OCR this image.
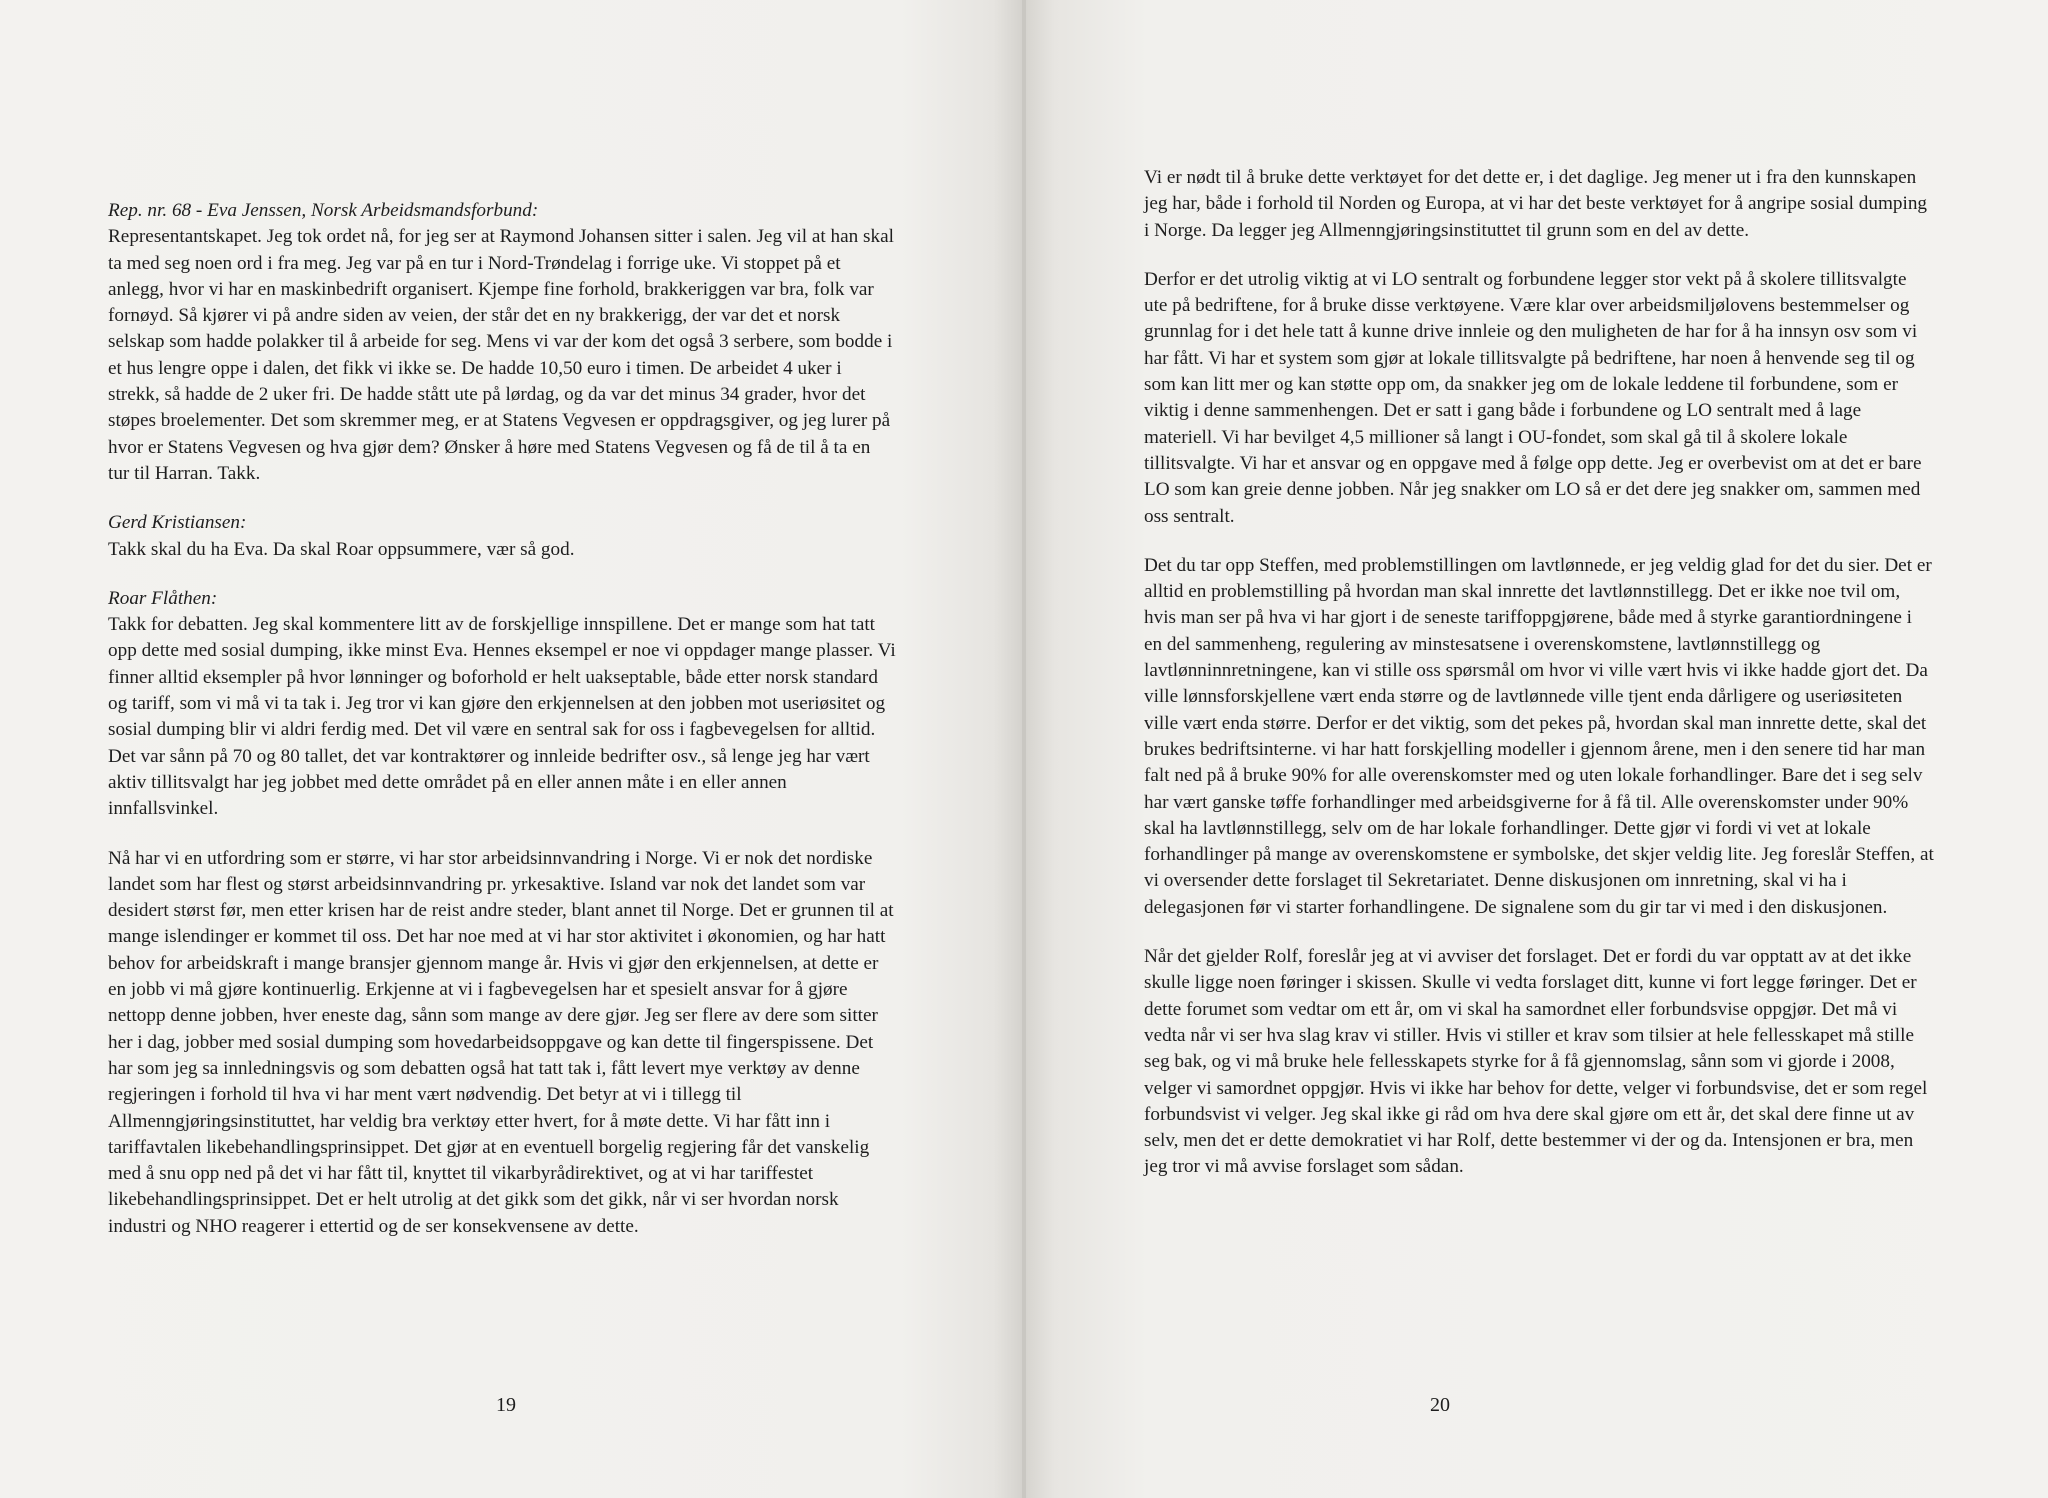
Rep. nr. 68 - Eva Jenssen, Norsk Arbeidsmandsforbund:
Representantskapet. Jeg tok ordet nå, for jeg ser at Raymond Johansen sitter i salen. Jeg vil at han skal ta med seg noen ord i fra meg. Jeg var på en tur i Nord-Trøndelag i forrige uke. Vi stoppet på et anlegg, hvor vi har en maskinbedrift organisert. Kjempe fine forhold, brakkeriggen var bra, folk var fornøyd. Så kjører vi på andre siden av veien, der står det en ny brakkerigg, der var det et norsk selskap som hadde polakker til å arbeide for seg. Mens vi var der kom det også 3 serbere, som bodde i et hus lengre oppe i dalen, det fikk vi ikke se. De hadde 10,50 euro i timen. De arbeidet 4 uker i strekk, så hadde de 2 uker fri. De hadde stått ute på lørdag, og da var det minus 34 grader, hvor det støpes broelementer. Det som skremmer meg, er at Statens Vegvesen er oppdragsgiver, og jeg lurer på hvor er Statens Vegvesen og hva gjør dem? Ønsker å høre med Statens Vegvesen og få de til å ta en tur til Harran. Takk.

Gerd Kristiansen:
Takk skal du ha Eva. Da skal Roar oppsummere, vær så god.

Roar Flåthen:
Takk for debatten. Jeg skal kommentere litt av de forskjellige innspillene. Det er mange som hat tatt opp dette med sosial dumping, ikke minst Eva. Hennes eksempel er noe vi oppdager mange plasser. Vi finner alltid eksempler på hvor lønninger og boforhold er helt uakseptable, både etter norsk standard og tariff, som vi må vi ta tak i. Jeg tror vi kan gjøre den erkjennelsen at den jobben mot useriøsitet og sosial dumping blir vi aldri ferdig med. Det vil være en sentral sak for oss i fagbevegelsen for alltid. Det var sånn på 70 og 80 tallet, det var kontraktører og innleide bedrifter osv., så lenge jeg har vært aktiv tillitsvalgt har jeg jobbet med dette området på en eller annen måte i en eller annen innfallsvinkel.

Nå har vi en utfordring som er større, vi har stor arbeidsinnvandring i Norge. Vi er nok det nordiske landet som har flest og størst arbeidsinnvandring pr. yrkesaktive. Island var nok det landet som var desidert størst før, men etter krisen har de reist andre steder, blant annet til Norge. Det er grunnen til at mange islendinger er kommet til oss. Det har noe med at vi har stor aktivitet i økonomien, og har hatt behov for arbeidskraft i mange bransjer gjennom mange år. Hvis vi gjør den erkjennelsen, at dette er en jobb vi må gjøre kontinuerlig. Erkjenne at vi i fagbevegelsen har et spesielt ansvar for å gjøre nettopp denne jobben, hver eneste dag, sånn som mange av dere gjør. Jeg ser flere av dere som sitter her i dag, jobber med sosial dumping som hovedarbeidsoppgave og kan dette til fingerspissene. Det har som jeg sa innledningsvis og som debatten også hat tatt tak i, fått levert mye verktøy av denne regjeringen i forhold til hva vi har ment vært nødvendig. Det betyr at vi i tillegg til Allmenngjøringsinstituttet, har veldig bra verktøy etter hvert, for å møte dette. Vi har fått inn i tariffavtalen likebehandlingsprinsippet. Det gjør at en eventuell borgelig regjering får det vanskelig med å snu opp ned på det vi har fått til, knyttet til vikarbyrådirektivet, og at vi har tariffestet likebehandlingsprinsippet. Det er helt utrolig at det gikk som det gikk, når vi ser hvordan norsk industri og NHO reagerer i ettertid og de ser konsekvensene av dette.

19

Vi er nødt til å bruke dette verktøyet for det dette er, i det daglige. Jeg mener ut i fra den kunnskapen jeg har, både i forhold til Norden og Europa, at vi har det beste verktøyet for å angripe sosial dumping i Norge. Da legger jeg Allmenngjøringsinstituttet til grunn som en del av dette.

Derfor er det utrolig viktig at vi LO sentralt og forbundene legger stor vekt på å skolere tillitsvalgte ute på bedriftene, for å bruke disse verktøyene. Være klar over arbeidsmiljølovens bestemmelser og grunnlag for i det hele tatt å kunne drive innleie og den muligheten de har for å ha innsyn osv som vi har fått. Vi har et system som gjør at lokale tillitsvalgte på bedriftene, har noen å henvende seg til og som kan litt mer og kan støtte opp om, da snakker jeg om de lokale leddene til forbundene, som er viktig i denne sammenhengen. Det er satt i gang både i forbundene og LO sentralt med å lage materiell. Vi har bevilget 4,5 millioner så langt i OU-fondet, som skal gå til å skolere lokale tillitsvalgte. Vi har et ansvar og en oppgave med å følge opp dette. Jeg er overbevist om at det er bare LO som kan greie denne jobben. Når jeg snakker om LO så er det dere jeg snakker om, sammen med oss sentralt.

Det du tar opp Steffen, med problemstillingen om lavtlønnede, er jeg veldig glad for det du sier. Det er alltid en problemstilling på hvordan man skal innrette det lavtlønnstillegg. Det er ikke noe tvil om, hvis man ser på hva vi har gjort i de seneste tariffoppgjørene, både med å styrke garantiordningene i en del sammenheng, regulering av minstesatsene i overenskomstene, lavtlønnstillegg og lavtlønninnretningene, kan vi stille oss spørsmål om hvor vi ville vært hvis vi ikke hadde gjort det. Da ville lønnsforskjellene vært enda større og de lavtlønnede ville tjent enda dårligere og useriøsiteten ville vært enda større. Derfor er det viktig, som det pekes på, hvordan skal man innrette dette, skal det brukes bedriftsinterne. vi har hatt forskjelling modeller i gjennom årene, men i den senere tid har man falt ned på å bruke 90% for alle overenskomster med og uten lokale forhandlinger. Bare det i seg selv har vært ganske tøffe forhandlinger med arbeidsgiverne for å få til. Alle overenskomster under 90% skal ha lavtlønnstillegg, selv om de har lokale forhandlinger. Dette gjør vi fordi vi vet at lokale forhandlinger på mange av overenskomstene er symbolske, det skjer veldig lite. Jeg foreslår Steffen, at vi oversender dette forslaget til Sekretariatet. Denne diskusjonen om innretning, skal vi ha i delegasjonen før vi starter forhandlingene. De signalene som du gir tar vi med i den diskusjonen.

Når det gjelder Rolf, foreslår jeg at vi avviser det forslaget. Det er fordi du var opptatt av at det ikke skulle ligge noen føringer i skissen. Skulle vi vedta forslaget ditt, kunne vi fort legge føringer. Det er dette forumet som vedtar om ett år, om vi skal ha samordnet eller forbundsvise oppgjør. Det må vi vedta når vi ser hva slag krav vi stiller. Hvis vi stiller et krav som tilsier at hele fellesskapet må stille seg bak, og vi må bruke hele fellesskapets styrke for å få gjennomslag, sånn som vi gjorde i 2008, velger vi samordnet oppgjør. Hvis vi ikke har behov for dette, velger vi forbundsvise, det er som regel forbundsvist vi velger. Jeg skal ikke gi råd om hva dere skal gjøre om ett år, det skal dere finne ut av selv, men det er dette demokratiet vi har Rolf, dette bestemmer vi der og da. Intensjonen er bra, men jeg tror vi må avvise forslaget som sådan.

20
